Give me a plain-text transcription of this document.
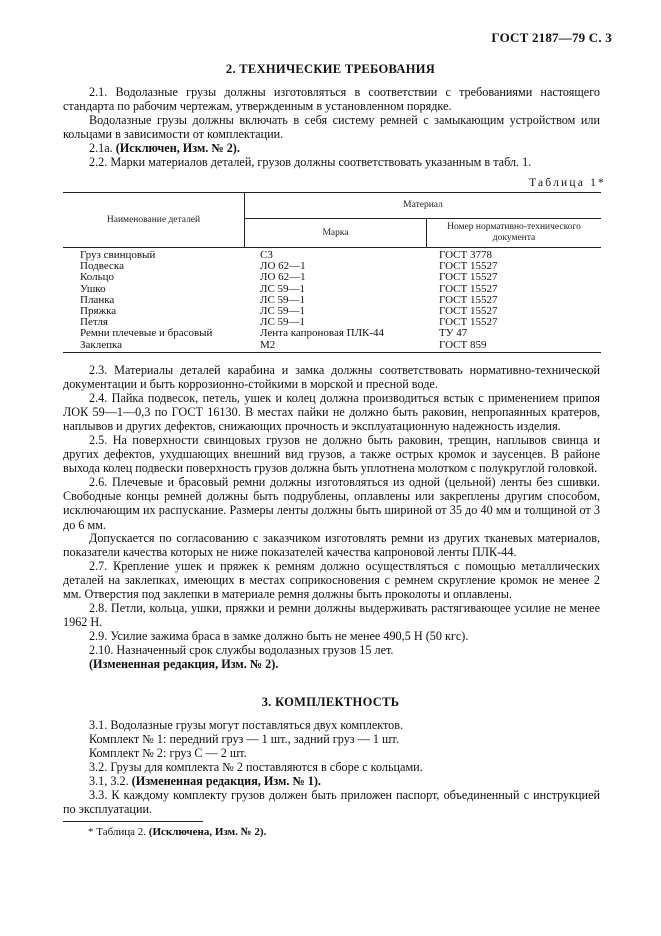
ГОСТ 2187—79 С. 3
2. ТЕХНИЧЕСКИЕ ТРЕБОВАНИЯ
2.1. Водолазные грузы должны изготовляться в соответствии с требованиями настоящего стандарта по рабочим чертежам, утвержденным в установленном порядке.
Водолазные грузы должны включать в себя систему ремней с замыкающим устройством или кольцами в зависимости от комплектации.
2.1а. (Исключен, Изм. № 2).
2.2. Марки материалов деталей, грузов должны соответствовать указанным в табл. 1.
Таблица 1*
Наименование деталей	Материал	
	Марка	Номер нормативно-технического документа
Груз свинцовый	С3	ГОСТ 3778
Подвеска	ЛО 62—1	ГОСТ 15527
Кольцо	ЛО 62—1	ГОСТ 15527
Ушко	ЛС 59—1	ГОСТ 15527
Планка	ЛС 59—1	ГОСТ 15527
Пряжка	ЛС 59—1	ГОСТ 15527
Петля	ЛС 59—1	ГОСТ 15527
Ремни плечевые и брасовый	Лента капроновая ПЛК-44	ТУ 47
Заклепка	М2	ГОСТ 859
2.3. Материалы деталей карабина и замка должны соответствовать нормативно-технической документации и быть коррозионно-стойкими в морской и пресной воде.
2.4. Пайка подвесок, петель, ушек и колец должна производиться встык с применением припоя ЛОК 59—1—0,3 по ГОСТ 16130. В местах пайки не должно быть раковин, непропаянных кратеров, наплывов и других дефектов, снижающих прочность и эксплуатационную надежность изделия.
2.5. На поверхности свинцовых грузов не должно быть раковин, трещин, наплывов свинца и других дефектов, ухудшающих внешний вид грузов, а также острых кромок и заусенцев. В районе выхода колец подвески поверхность грузов должна быть уплотнена молотком с полукруглой головкой.
2.6. Плечевые и брасовый ремни должны изготовляться из одной (цельной) ленты без сшивки. Свободные концы ремней должны быть подрублены, оплавлены или закреплены другим способом, исключающим их распускание. Размеры ленты должны быть шириной от 35 до 40 мм и толщиной от 3 до 6 мм.
Допускается по согласованию с заказчиком изготовлять ремни из других тканевых материалов, показатели качества которых не ниже показателей качества капроновой ленты ПЛК-44.
2.7. Крепление ушек и пряжек к ремням должно осуществляться с помощью металлических деталей на заклепках, имеющих в местах соприкосновения с ремнем скругление кромок не менее 2 мм. Отверстия под заклепки в материале ремня должны быть проколоты и оплавлены.
2.8. Петли, кольца, ушки, пряжки и ремни должны выдерживать растягивающее усилие не менее 1962 Н.
2.9. Усилие зажима браса в замке должно быть не менее 490,5 Н (50 кгс).
2.10. Назначенный срок службы водолазных грузов 15 лет.
(Измененная редакция, Изм. № 2).
3. КОМПЛЕКТНОСТЬ
3.1. Водолазные грузы могут поставляться двух комплектов.
Комплект № 1: передний груз — 1 шт., задний груз — 1 шт.
Комплект № 2: груз С — 2 шт.
3.2. Грузы для комплекта № 2 поставляются в сборе с кольцами.
3.1, 3.2. (Измененная редакция, Изм. № 1).
3.3. К каждому комплекту грузов должен быть приложен паспорт, объединенный с инструкцией по эксплуатации.
* Таблица 2. (Исключена, Изм. № 2).
